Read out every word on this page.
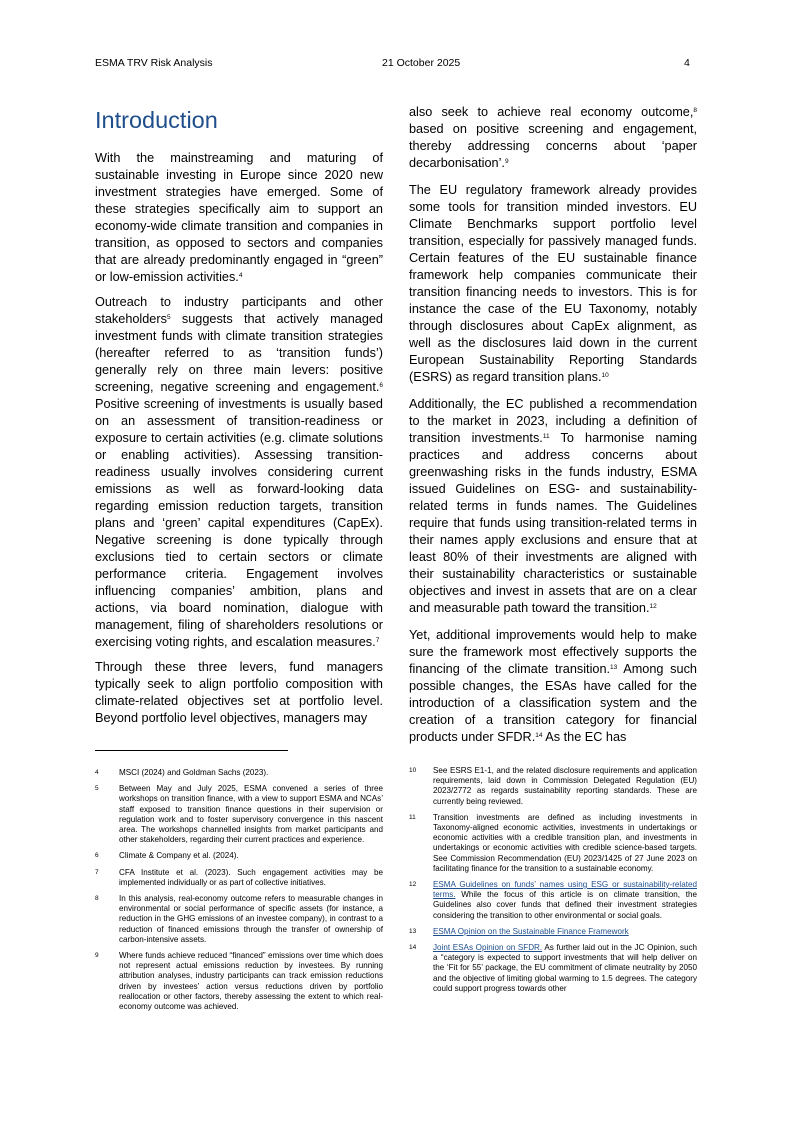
ESMA TRV Risk Analysis	21 October 2025	4
Introduction

With the mainstreaming and maturing of sustainable investing in Europe since 2020 new investment strategies have emerged. Some of these strategies specifically aim to support an economy-wide climate transition and companies in transition, as opposed to sectors and companies that are already predominantly engaged in “green” or low-emission activities.$^4$

Outreach to industry participants and other stakeholders$^5$ suggests that actively managed investment funds with climate transition strategies (hereafter referred to as ‘transition funds’) generally rely on three main levers: positive screening, negative screening and engagement.$^6$ Positive screening of investments is usually based on an assessment of transition-readiness or exposure to certain activities (e.g. climate solutions or enabling activities). Assessing transition-readiness usually involves considering current emissions as well as forward-looking data regarding emission reduction targets, transition plans and ‘green’ capital expenditures (CapEx). Negative screening is done typically through exclusions tied to certain sectors or climate performance criteria. Engagement involves influencing companies’ ambition, plans and actions, via board nomination, dialogue with management, filing of shareholders resolutions or exercising voting rights, and escalation measures.$^7$

Through these three levers, fund managers typically seek to align portfolio composition with climate-related objectives set at portfolio level. Beyond portfolio level objectives, managers may

also seek to achieve real economy outcome,$^8$ based on positive screening and engagement, thereby addressing concerns about ‘paper decarbonisation’.$^9$

The EU regulatory framework already provides some tools for transition minded investors. EU Climate Benchmarks support portfolio level transition, especially for passively managed funds. Certain features of the EU sustainable finance framework help companies communicate their transition financing needs to investors. This is for instance the case of the EU Taxonomy, notably through disclosures about CapEx alignment, as well as the disclosures laid down in the current European Sustainability Reporting Standards (ESRS) as regard transition plans.$^{10}$

Additionally, the EC published a recommendation to the market in 2023, including a definition of transition investments.$^{11}$ To harmonise naming practices and address concerns about greenwashing risks in the funds industry, ESMA issued Guidelines on ESG- and sustainability-related terms in funds names. The Guidelines require that funds using transition-related terms in their names apply exclusions and ensure that at least 80% of their investments are aligned with their sustainability characteristics or sustainable objectives and invest in assets that are on a clear and measurable path toward the transition.$^{12}$

Yet, additional improvements would help to make sure the framework most effectively supports the financing of the climate transition.$^{13}$ Among such possible changes, the ESAs have called for the introduction of a classification system and the creation of a transition category for financial products under SFDR.$^{14}$ As the EC has

4	MSCI (2024) and Goldman Sachs (2023).
5	Between May and July 2025, ESMA convened a series of three workshops on transition finance, with a view to support ESMA and NCAs’ staff exposed to transition finance questions in their supervision or regulation work and to foster supervisory convergence in this nascent area. The workshops channelled insights from market participants and other stakeholders, regarding their current practices and experience.
6	Climate & Company et al. (2024).
7	CFA Institute et al. (2023). Such engagement activities may be implemented individually or as part of collective initiatives.
8	In this analysis, real-economy outcome refers to measurable changes in environmental or social performance of specific assets (for instance, a reduction in the GHG emissions of an investee company), in contrast to a reduction of financed emissions through the transfer of ownership of carbon-intensive assets.
9	Where funds achieve reduced “financed” emissions over time which does not represent actual emissions reduction by investees. By running attribution analyses, industry participants can track emission reductions driven by investees’ action versus reductions driven by portfolio reallocation or other factors, thereby assessing the extent to which real-economy outcome was achieved.
10	See ESRS E1-1, and the related disclosure requirements and application requirements, laid down in Commission Delegated Regulation (EU) 2023/2772 as regards sustainability reporting standards. These are currently being reviewed.
11	Transition investments are defined as including investments in Taxonomy-aligned economic activities, investments in undertakings or economic activities with a credible transition plan, and investments in undertakings or economic activities with credible science-based targets. See Commission Recommendation (EU) 2023/1425 of 27 June 2023 on facilitating finance for the transition to a sustainable economy.
12	ESMA Guidelines on funds’ names using ESG or sustainability-related terms. While the focus of this article is on climate transition, the Guidelines also cover funds that defined their investment strategies considering the transition to other environmental or social goals.
13	ESMA Opinion on the Sustainable Finance Framework
14	Joint ESAs Opinion on SFDR. As further laid out in the JC Opinion, such a “category is expected to support investments that will help deliver on the ‘Fit for 55’ package, the EU commitment of climate neutrality by 2050 and the objective of limiting global warming to 1.5 degrees. The category could support progress towards other
